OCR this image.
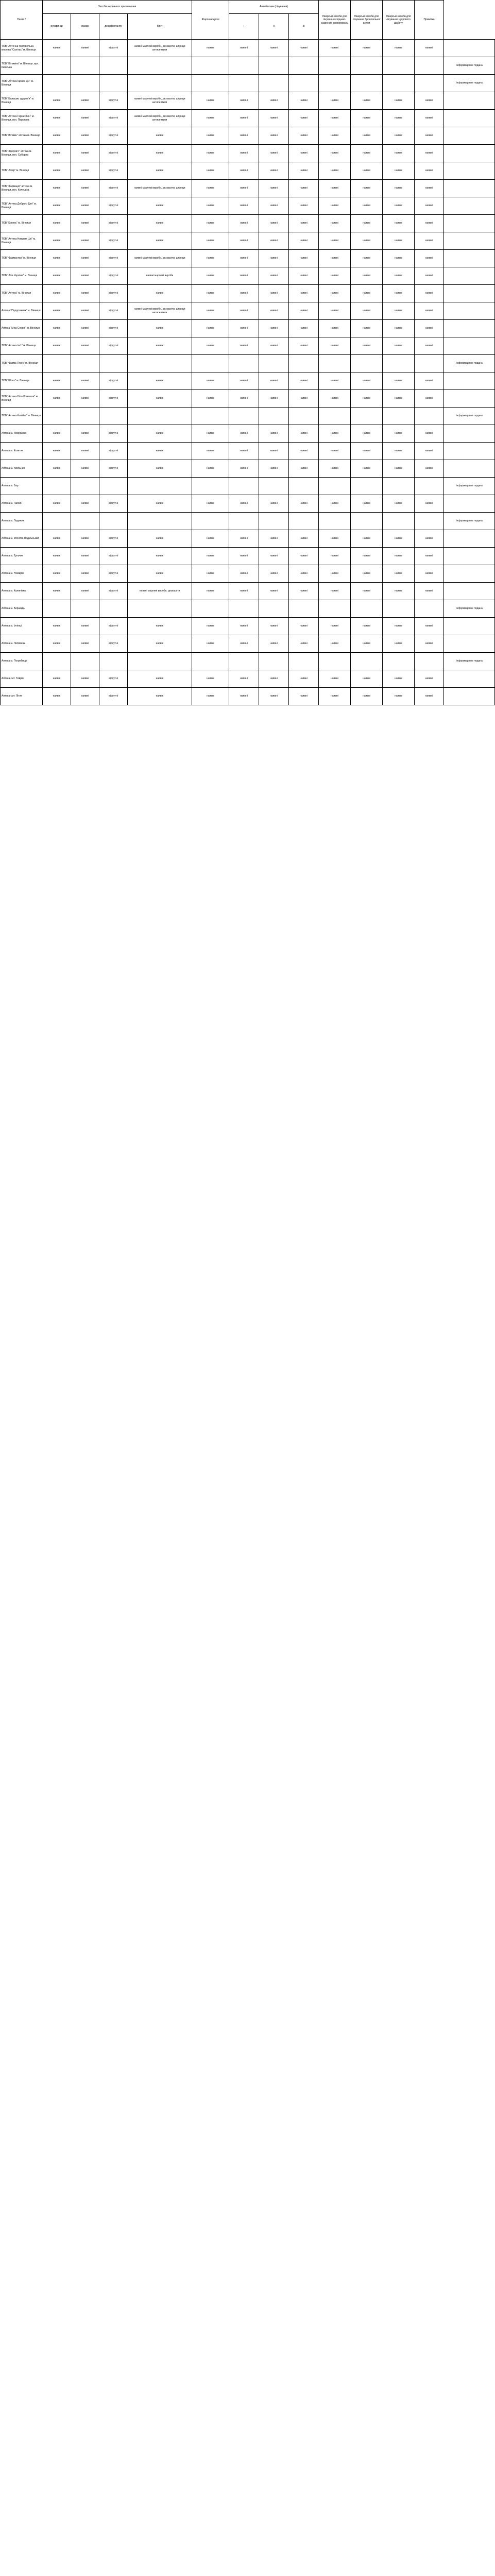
Назва /	Засоби медичного призначення				Жарознижуючі	Антибіотики (лікування)			Лікарські засоби для лікування серцево-судинних захворювань	Лікарські засоби для лікування бронхіальної астми	Лікарські засоби для лікування цукрового діабету	Примітка	
	рукавички	маски	дезінфектанти	бинт		I	II	III					
ТОВ "Аптечна торговельна мережа "Санітас" м. Вінниця	наявні	наявні	відсутні	наявні марлеві вироби, дезкасети, шприци антисептики	наявні	наявні	наявні	наявні	наявні	наявні	наявні	наявні	
ТОВ "Вітаміни" м. Вінниця, вул. Київська													Інформація не подана
ТОВ "Аптека гарних цін" м. Вінниця													Інформація не подана
ТОВ "Бажаємо здоров'я" м. Вінниця	наявні	наявні	відсутні	наявні марлеві вироби, дезкасети, шприци антисептики	наявні	наявні	наявні	наявні	наявні	наявні	наявні	наявні	
ТОВ "Аптека Гарних Цін" м. Вінниця, вул. Пирогова	наявні	наявні	відсутні	наявні марлеві вироби, дезкасети, шприци антисептики	наявні	наявні	наявні	наявні	наявні	наявні	наявні	наявні	
ТОВ "Вітамін" аптека м. Вінниця	наявні	наявні	відсутні	наявні	наявні	наявні	наявні	наявні	наявні	наявні	наявні	наявні	
ТОВ "Здоров'я" аптека м. Вінниця, вул. Соборна	наявні	наявні	відсутні	наявні	наявні	наявні	наявні	наявні	наявні	наявні	наявні	наявні	
ТОВ "Лікар" м. Вінниця	наявні	наявні	відсутні	наявні	наявні	наявні	наявні	наявні	наявні	наявні	наявні	наявні	
ТОВ "Фармація" аптека м. Вінниця, вул. Келецька	наявні	наявні	відсутні	наявні марлеві вироби, дезкасети, шприци	наявні	наявні	наявні	наявні	наявні	наявні	наявні	наявні	
ТОВ "Аптека Доброго Дня" м. Вінниця	наявні	наявні	відсутні	наявні	наявні	наявні	наявні	наявні	наявні	наявні	наявні	наявні	
ТОВ "Конекс" м. Вінниця	наявні	наявні	відсутні	наявні	наявні	наявні	наявні	наявні	наявні	наявні	наявні	наявні	
ТОВ "Аптека Низьких Цін" м. Вінниця	наявні	наявні	відсутні	наявні	наявні	наявні	наявні	наявні	наявні	наявні	наявні	наявні	
ТОВ "Фармастор" м. Вінниця	наявні	наявні	відсутні	наявні марлеві вироби, дезкасети, шприци	наявні	наявні	наявні	наявні	наявні	наявні	наявні	наявні	
ТОВ "Ліки України" м. Вінниця	наявні	наявні	відсутні	наявні марлеві вироби	наявні	наявні	наявні	наявні	наявні	наявні	наявні	наявні	
ТОВ "Аптека" м. Вінниця	наявні	наявні	відсутні	наявні	наявні	наявні	наявні	наявні	наявні	наявні	наявні	наявні	
Аптека "Подорожник" м. Вінниця	наявні	наявні	відсутні	наявні марлеві вироби, дезкасети, шприци антисептики	наявні	наявні	наявні	наявні	наявні	наявні	наявні	наявні	
Аптека "Мед-Сервіс" м. Вінниця	наявні	наявні	відсутні	наявні	наявні	наявні	наявні	наявні	наявні	наявні	наявні	наявні	
ТОВ "Аптека №1" м. Вінниця	наявні	наявні	відсутні	наявні	наявні	наявні	наявні	наявні	наявні	наявні	наявні	наявні	
ТОВ "Фарма Плюс" м. Вінниця													Інформація не подана
ТОВ "Шлях" м. Вінниця	наявні	наявні	відсутні	наявні	наявні	наявні	наявні	наявні	наявні	наявні	наявні	наявні	
ТОВ "Аптека Біла Ромашка" м. Вінниця	наявні	наявні	відсутні	наявні	наявні	наявні	наявні	наявні	наявні	наявні	наявні	наявні	
ТОВ "Аптека Копійка" м. Вінниця													Інформація не подана
Аптека м. Жмеринка	наявні	наявні	відсутні	наявні	наявні	наявні	наявні	наявні	наявні	наявні	наявні	наявні	
Аптека м. Козятин	наявні	наявні	відсутні	наявні	наявні	наявні	наявні	наявні	наявні	наявні	наявні	наявні	
Аптека м. Хмільник	наявні	наявні	відсутні	наявні	наявні	наявні	наявні	наявні	наявні	наявні	наявні	наявні	
Аптека м. Бар													Інформація не подана
Аптека м. Гайсин	наявні	наявні	відсутні	наявні	наявні	наявні	наявні	наявні	наявні	наявні	наявні	наявні	
Аптека м. Ладижин													Інформація не подана
Аптека м. Могилів-Подільський	наявні	наявні	відсутні	наявні	наявні	наявні	наявні	наявні	наявні	наявні	наявні	наявні	
Аптека м. Тульчин	наявні	наявні	відсутні	наявні	наявні	наявні	наявні	наявні	наявні	наявні	наявні	наявні	
Аптека м. Немирів	наявні	наявні	відсутні	наявні	наявні	наявні	наявні	наявні	наявні	наявні	наявні	наявні	
Аптека м. Калинівка	наявні	наявні	відсутні	наявні марлеві вироби, дезкасети	наявні	наявні	наявні	наявні	наявні	наявні	наявні	наявні	
Аптека м. Бершадь													Інформація не подана
Аптека м. Іллінці	наявні	наявні	відсутні	наявні	наявні	наявні	наявні	наявні	наявні	наявні	наявні	наявні	
Аптека м. Липовець	наявні	наявні	відсутні	наявні	наявні	наявні	наявні	наявні	наявні	наявні	наявні	наявні	
Аптека м. Погребище													Інформація не подана
Аптека смт. Тиврів	наявні	наявні	відсутні	наявні	наявні	наявні	наявні	наявні	наявні	наявні	наявні	наявні	
Аптека смт. Літин	наявні	наявні	відсутні	наявні	наявні	наявні	наявні	наявні	наявні	наявні	наявні	наявні	
